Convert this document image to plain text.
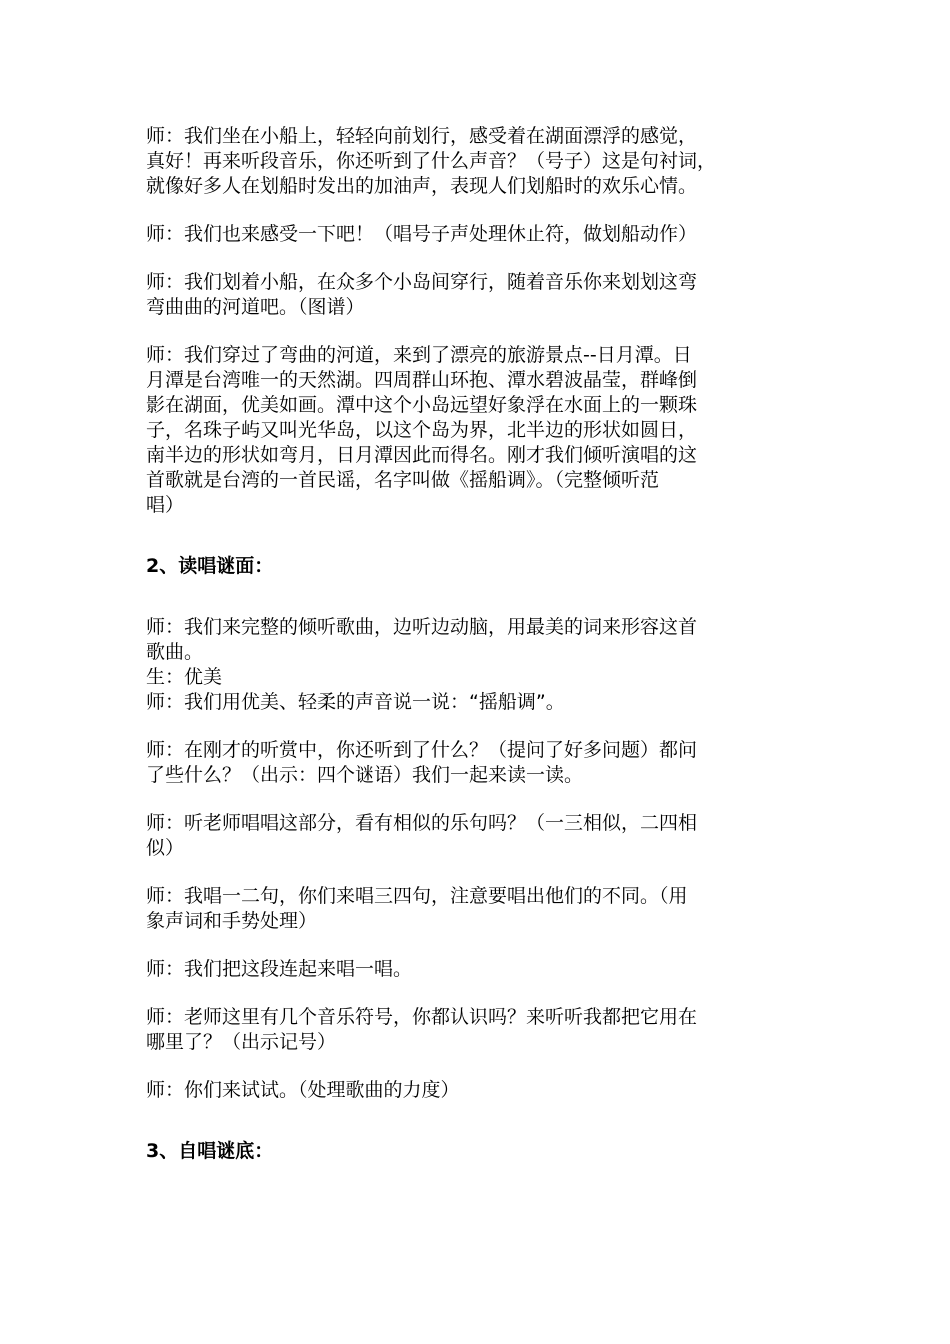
师：我们坐在小船上，轻轻向前划行，感受着在湖面漂浮的感觉，
真好！再来听段音乐，你还听到了什么声音？（号子）这是句衬词，
就像好多人在划船时发出的加油声，表现人们划船时的欢乐心情。

师：我们也来感受一下吧！（唱号子声处理休止符，做划船动作）

师：我们划着小船，在众多个小岛间穿行，随着音乐你来划划这弯
弯曲曲的河道吧。（图谱）

师：我们穿过了弯曲的河道，来到了漂亮的旅游景点--日月潭。日
月潭是台湾唯一的天然湖。四周群山环抱、潭水碧波晶莹，群峰倒
影在湖面，优美如画。潭中这个小岛远望好象浮在水面上的一颗珠
子，名珠子屿又叫光华岛，以这个岛为界，北半边的形状如圆日，
南半边的形状如弯月，日月潭因此而得名。刚才我们倾听演唱的这
首歌就是台湾的一首民谣，名字叫做《摇船调》。（完整倾听范
唱）

2、读唱谜面：

师：我们来完整的倾听歌曲，边听边动脑，用最美的词来形容这首
歌曲。
生：优美
师：我们用优美、轻柔的声音说一说：“摇船调”。

师：在刚才的听赏中，你还听到了什么？（提问了好多问题）都问
了些什么？（出示：四个谜语）我们一起来读一读。

师：听老师唱唱这部分，看有相似的乐句吗？（一三相似，二四相
似）

师：我唱一二句，你们来唱三四句，注意要唱出他们的不同。（用
象声词和手势处理）

师：我们把这段连起来唱一唱。

师：老师这里有几个音乐符号，你都认识吗？来听听我都把它用在
哪里了？（出示记号）

师：你们来试试。（处理歌曲的力度）

3、自唱谜底：
